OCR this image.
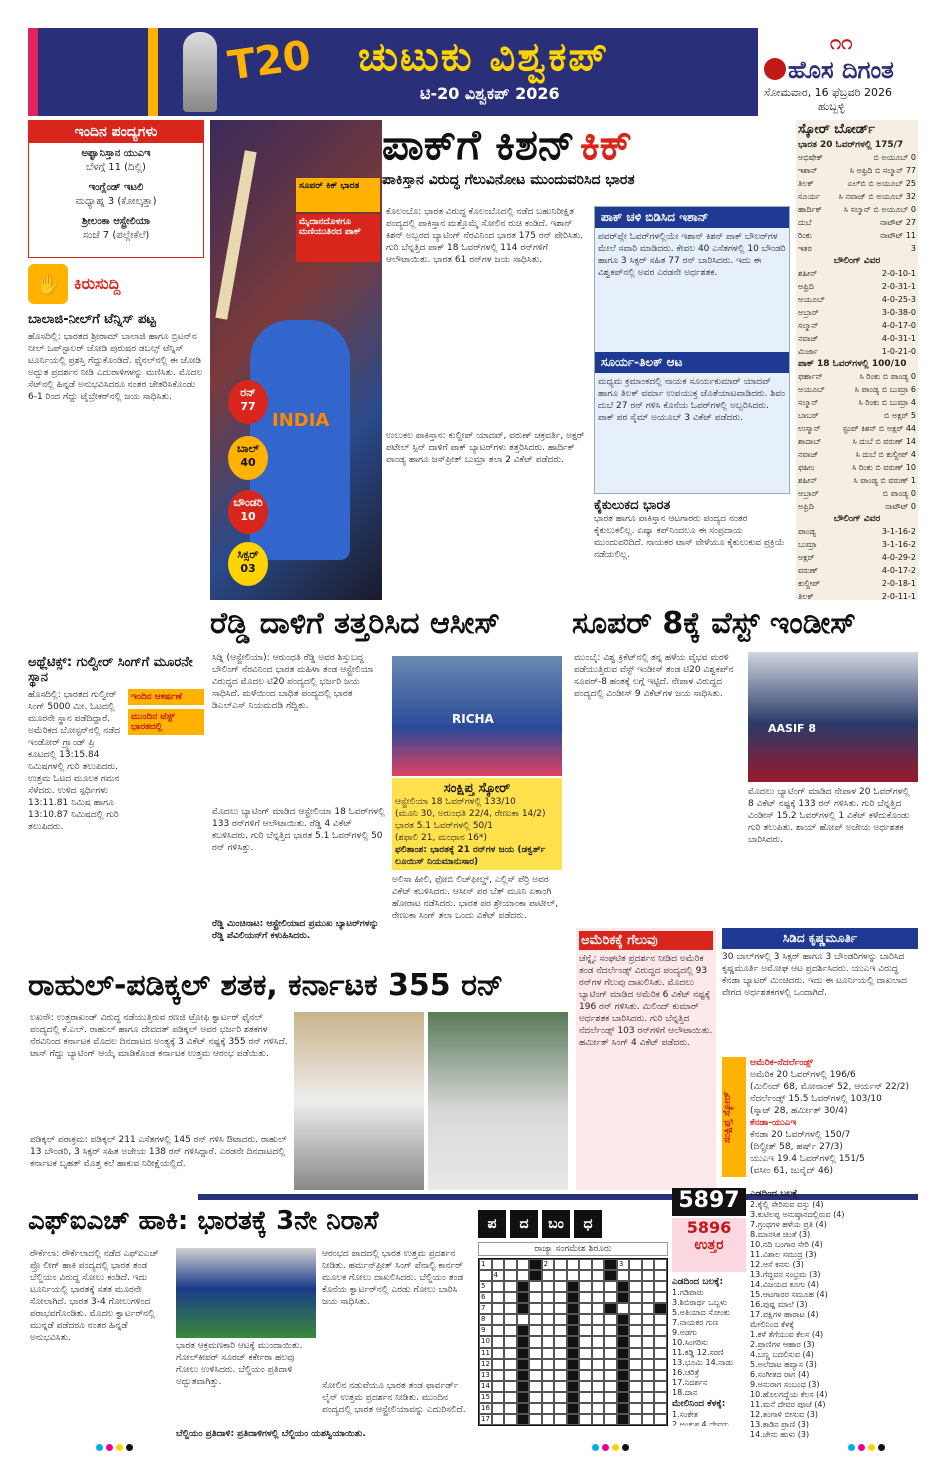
T20 ಚುಟುಕು ವಿಶ್ವಕಪ್
ಟಿ-20 ವಿಶ್ವಕಪ್ 2026
೧೧
ಹೊಸ ದಿಗಂತ
ಸೋಮವಾರ, 16 ಫೆಬ್ರವರಿ 2026
ಹುಬ್ಬಳ್ಳಿ
ಇಂದಿನ ಪಂದ್ಯಗಳು
ಅಫ್ಘಾನಿಸ್ತಾನ ಯುಎಇ
ಬೆಳಗ್ಗೆ 11 (ದಿಲ್ಲಿ)
ಇಂಗ್ಲೆಂಡ್ ಇಟಲಿ
ಮಧ್ಯಾಹ್ನ 3 (ಕೋಲ್ಕತ್ತಾ)
ಶ್ರೀಲಂಕಾ ಆಸ್ಟ್ರೇಲಿಯಾ
ಸಂಜೆ 7 (ಪಲ್ಲೇಕೆಲೆ)
✋ ಕಿರುಸುದ್ದಿ
ಬಾಲಾಜಿ-ನೀಲ್‌ಗೆ ಟೆನ್ನಿಸ್ ಪಟ್ಟ
ಹೊಸದಿಲ್ಲಿ: ಭಾರತದ ಶ್ರೀರಾಮ್ ಬಾಲಾಜಿ ಹಾಗೂ ಬ್ರಿಟನ್‌ನ ನೀಲ್ ಒಪ್‌ಸ್ಟಾಲರ್ ಜೋಡಿ ಪುರುಷರ ಡಬಲ್ಸ್ ಟೆನ್ನಿಸ್ ಟೂರ್ನಿಯಲ್ಲಿ ಪ್ರಶಸ್ತಿ ಗೆದ್ದುಕೊಂಡಿದೆ. ಫೈನಲ್‌ನಲ್ಲಿ ಈ ಜೋಡಿ ಅದ್ಭುತ ಪ್ರದರ್ಶನ ನೀಡಿ ಎದುರಾಳಿಗಳನ್ನು ಮಣಿಸಿತು. ಮೊದಲ ಸೆಟ್‌ನಲ್ಲಿ ಹಿನ್ನಡೆ ಅನುಭವಿಸಿದರೂ ನಂತರ ಚೇತರಿಸಿಕೊಂಡು 6-1 ರಿಂದ ಗೆದ್ದು ಟೈಬ್ರೇಕರ್‌ನಲ್ಲಿ ಜಯ ಸಾಧಿಸಿತು.
ಅಥ್ಲೆಟಿಕ್ಸ್: ಗುಲ್ವೀರ್ ಸಿಂಗ್‌ಗೆ ಮೂರನೇ ಸ್ಥಾನ
ಹೊಸದಿಲ್ಲಿ: ಭಾರತದ ಗುಲ್ವೀರ್ ಸಿಂಗ್ 5000 ಮೀ. ಓಟದಲ್ಲಿ ಮೂರನೇ ಸ್ಥಾನ ಪಡೆದಿದ್ದಾರೆ. ಅಮೆರಿಕದ ಬೋಸ್ಟನ್‌ನಲ್ಲಿ ನಡೆದ ಇಂಡೋರ್ ಗ್ರ್ಯಾಂಡ್ ಪ್ರಿ ಕೂಟದಲ್ಲಿ 13:15.84 ನಿಮಿಷಗಳಲ್ಲಿ ಗುರಿ ತಲುಪಿದರು. ಉತ್ತಮ ಓಟದ ಮೂಲಕ ಗಮನ ಸೆಳೆದರು. ಉಳಿದ ಸ್ಪರ್ಧಿಗಳು 13:11.81 ನಿಮಿಷ ಹಾಗೂ 13:10.87 ನಿಮಿಷದಲ್ಲಿ ಗುರಿ ತಲುಪಿದರು.
ಇಂದಿನ ಆಕರ್ಷಣೆ
ಮುಂದಿನ ಟೆಸ್ಟ್ ಭಾರತದಲ್ಲಿ
INDIA
ಪಾಕ್‌ಗೆ ಕಿಶನ್ ಕಿಕ್
ಪಾಕಿಸ್ತಾನ ವಿರುದ್ಧ ಗೆಲುವಿನೋಟ ಮುಂದುವರಿಸಿದ ಭಾರತ
ಸೂಪರ್ ಕಿಕ್ ಭಾರತ
ಮೈದಾನದೊಳಗೂ ಮಣಿಯುತಿರದ ಪಾಕ್
ರನ್
77
ಬಾಲ್
40
ಬೌಂಡರಿ
10
ಸಿಕ್ಸರ್
03
ಕೊಲಂಬೊ: ಭಾರತ ವಿರುದ್ಧ ಕೊಲಂಬೊದಲ್ಲಿ ನಡೆದ ಬಹುನಿರೀಕ್ಷಿತ ಪಂದ್ಯದಲ್ಲಿ ಪಾಕಿಸ್ತಾನ ಮತ್ತೊಮ್ಮೆ ಸೋಲಿನ ರುಚಿ ಕಂಡಿದೆ. ಇಶಾನ್ ಕಿಶನ್ ಅಬ್ಬರದ ಬ್ಯಾಟಿಂಗ್ ನೆರವಿನಿಂದ ಭಾರತ 175 ರನ್ ಪೇರಿಸಿತು. ಗುರಿ ಬೆನ್ನತ್ತಿದ ಪಾಕ್ 18 ಓವರ್‌ಗಳಲ್ಲಿ 114 ರನ್‌ಗಳಿಗೆ ಆಲೌಟಾಯಿತು. ಭಾರತ 61 ರನ್‌ಗಳ ಜಯ ಸಾಧಿಸಿತು.
ಉಲುಕಲ ಪಾಕಿಸ್ತಾನ: ಕುಲ್ದೀಪ್ ಯಾದವ್, ವರುಣ್ ಚಕ್ರವರ್ತಿ, ಅಕ್ಷರ್ ಪಟೇಲ್ ಸ್ಪಿನ್ ದಾಳಿಗೆ ಪಾಕ್ ಬ್ಯಾಟರ್‌ಗಳು ತತ್ತರಿಸಿದರು. ಹಾರ್ದಿಕ್ ಪಾಂಡ್ಯ ಹಾಗೂ ಜಸ್‌ಪ್ರೀತ್ ಬುಮ್ರಾ ತಲಾ 2 ವಿಕೆಟ್ ಪಡೆದರು.
ಪಾಕ್ ಚಳಿ ಬಿಡಿಸಿದ ಇಶಾನ್
ಪವರ್‌ಪ್ಲೇ ಓವರ್‌ಗಳಲ್ಲಿಯೇ ಇಶಾನ್ ಕಿಶನ್ ಪಾಕ್ ಬೌಲರ್‌ಗಳ ಮೇಲೆ ಸವಾರಿ ಮಾಡಿದರು. ಕೇವಲ 40 ಎಸೆತಗಳಲ್ಲಿ 10 ಬೌಂಡರಿ ಹಾಗೂ 3 ಸಿಕ್ಸರ್ ಸಹಿತ 77 ರನ್ ಬಾರಿಸಿದರು. ಇದು ಈ ವಿಶ್ವಕಪ್‌ನಲ್ಲಿ ಅವರ ಎರಡನೇ ಅರ್ಧಶತಕ.
ಸೂರ್ಯ-ತಿಲಕ್ ಆಟ
ಮಧ್ಯಮ ಕ್ರಮಾಂಕದಲ್ಲಿ ನಾಯಕ ಸೂರ್ಯಕುಮಾರ್ ಯಾದವ್ ಹಾಗೂ ತಿಲಕ್ ವರ್ಮಾ ಉಪಯುಕ್ತ ಜೊತೆಯಾಟವಾಡಿದರು. ಶಿವಂ ದುಬೆ 27 ರನ್ ಗಳಿಸಿ ಕೊನೆಯ ಓವರ್‌ಗಳಲ್ಲಿ ಅಬ್ಬರಿಸಿದರು. ಪಾಕ್ ಪರ ಸೈಮ್ ಅಯೂಬ್ 3 ವಿಕೆಟ್ ಪಡೆದರು.
ಕೈಕುಲುಕದ ಭಾರತ
ಭಾರತ ಹಾಗೂ ಪಾಕಿಸ್ತಾನ ಆಟಗಾರರು ಪಂದ್ಯದ ನಂತರ ಕೈಕುಲುಕಲಿಲ್ಲ. ಏಷ್ಯಾ ಕಪ್‌ನಿಂದಲೂ ಈ ಸಂಪ್ರದಾಯ ಮುಂದುವರಿದಿದೆ. ನಾಯಕರ ಟಾಸ್ ವೇಳೆಯೂ ಕೈಕುಲುಕುವ ಪ್ರಕ್ರಿಯೆ ನಡೆಯಲಿಲ್ಲ.
ಸ್ಕೋರ್ ಬೋರ್ಡ್
ಭಾರತ 20 ಓವರ್‌ಗಳಲ್ಲಿ 175/7
ಅಭಿಷೇಕ್	ಬಿ ಅಯೂಬ್ 0
ಇಶಾನ್	ಸಿ ಅಫ್ರಿದಿ ಬಿ ಸಲ್ಮಾನ್ 77
ತಿಲಕ್	ಎಲ್‌ಬಿ ಬಿ ಅಯೂಬ್ 25
ಸೂರ್ಯ ಸಿ ನವಾಜ್ ಬಿ ಅಯೂಬ್ 32
ಹಾರ್ದಿಕ್	ಸಿ ಸಲ್ಮಾನ್ ಬಿ ಅಯೂಬ್ 0
ದುಬೆ	ನಾಟೌಟ್ 27
ರಿಂಕು	ನಾಟೌಟ್ 11
ಇತರ	3
ಬೌಲಿಂಗ್ ವಿವರ
ಶಹೀನ್	2-0-10-1
ಅಫ್ರಿದಿ	2-0-31-1
ಅಯೂಬ್	4-0-25-3
ಅಬ್ರಾರ್	3-0-38-0
ಸಲ್ಮಾನ್	4-0-17-0
ನವಾಜ್	4-0-31-1
ಮಿರ್ಜಾ	1-0-21-0
ಪಾಕ್ 18 ಓವರ್‌ಗಳಲ್ಲಿ 100/10
ಫರ್ಹಾನ್	ಸಿ ರಿಂಕು ಬಿ ಪಾಂಡ್ಯ 0
ಅಯೂಬ್	ಸಿ ಪಾಂಡ್ಯ ಬಿ ಬುಮ್ರಾ 6
ಸಲ್ಮಾನ್	ಸಿ ರಿಂಕು ಬಿ ಬುಮ್ರಾ 4
ಬಾಬರ್	ಬಿ ಅಕ್ಷರ್ 5
ಉಸ್ಮಾನ್	ಸ್ಟಂಪ್ ಕಿಶನ್ ಬಿ ಅಕ್ಷರ್ 44
ಶಾದಾಬ್	ಸಿ ದುಬೆ ಬಿ ವರುಣ್ 14
ನವಾಜ್	ಸಿ ದುಬೆ ಬಿ ಕುಲ್ದೀಪ್ 4
ಫಹೀಂ	ಸಿ ರಿಂಕು ಬಿ ವರುಣ್ 10
ಶಹೀನ್	ಸಿ ಪಾಂಡ್ಯ ಬಿ ವರುಣ್ 1
ಅಬ್ರಾರ್	ಬಿ ಪಾಂಡ್ಯ 0
ಅಫ್ರಿದಿ	ನಾಟೌಟ್ 0
ಬೌಲಿಂಗ್ ವಿವರ
ಪಾಂಡ್ಯ	3-1-16-2
ಬುಮ್ರಾ	3-1-16-2
ಅಕ್ಷರ್	4-0-29-2
ವರುಣ್	4-0-17-2
ಕುಲ್ದೀಪ್	2-0-18-1
ತಿಲಕ್	2-0-11-1
ರೆಡ್ಡಿ ದಾಳಿಗೆ ತತ್ತರಿಸಿದ ಆಸೀಸ್
ಸಿಡ್ನಿ (ಆಸ್ಟ್ರೇಲಿಯಾ): ಆರುಂಧತಿ ರೆಡ್ಡಿ ಅವರ ಶಿಸ್ತುಬದ್ಧ ಬೌಲಿಂಗ್ ನೆರವಿನಿಂದ ಭಾರತ ಮಹಿಳಾ ತಂಡ ಆಸ್ಟ್ರೇಲಿಯಾ ವಿರುದ್ಧದ ಮೊದಲ ಟಿ20 ಪಂದ್ಯದಲ್ಲಿ ಭರ್ಜರಿ ಜಯ ಸಾಧಿಸಿದೆ. ಮಳೆಯಿಂದ ಬಾಧಿತ ಪಂದ್ಯದಲ್ಲಿ ಭಾರತ ಡಿಎಲ್‌ಎಸ್ ನಿಯಮದಡಿ ಗೆದ್ದಿತು.
ಮೊದಲು ಬ್ಯಾಟಿಂಗ್ ಮಾಡಿದ ಆಸ್ಟ್ರೇಲಿಯಾ 18 ಓವರ್‌ಗಳಲ್ಲಿ 133 ರನ್‌ಗಳಿಗೆ ಆಲೌಟಾಯಿತು. ರೆಡ್ಡಿ 4 ವಿಕೆಟ್ ಕಬಳಿಸಿದರು. ಗುರಿ ಬೆನ್ನತ್ತಿದ ಭಾರತ 5.1 ಓವರ್‌ಗಳಲ್ಲಿ 50 ರನ್ ಗಳಿಸಿತ್ತು.
ರೆಡ್ಡಿ ಮಿಂಚಿನಾಟ: ಆಸ್ಟ್ರೇಲಿಯಾದ ಪ್ರಮುಖ ಬ್ಯಾಟರ್‌ಗಳನ್ನು ರೆಡ್ಡಿ ಪೆವಿಲಿಯನ್‌ಗೆ ಕಳುಹಿಸಿದರು.
RICHA
ಸಂಕ್ಷಿಪ್ತ ಸ್ಕೋರ್
ಆಸ್ಟ್ರೇಲಿಯಾ 18 ಓವರ್‌ಗಳಲ್ಲಿ 133/10
(ಮೂನಿ 30, ಅರುಂಧತಿ 22/4, ರೇಣುಕಾ 14/2)
ಭಾರತ 5.1 ಓವರ್‌ಗಳಲ್ಲಿ 50/1
(ಶಫಾಲಿ 21, ಮಂಧಾನ 16*)
ಫಲಿತಾಂಶ: ಭಾರತಕ್ಕೆ 21 ರನ್‌ಗಳ ಜಯ (ಡಕ್ವರ್ತ್ ಲೂಯಿಸ್ ನಿಯಮಾನುಸಾರ)
ಅಲಿಸಾ ಹೀಲಿ, ಫೋಬಿ ಲಿಚ್‌ಫೀಲ್ಡ್, ಎಲ್ಲಿಸ್ ಪೆರ್ರಿ ಅವರ ವಿಕೆಟ್ ಕಬಳಿಸಿದರು. ಆಸೀಸ್ ಪರ ಬೆತ್ ಮೂನಿ ಏಕಾಂಗಿ ಹೋರಾಟ ನಡೆಸಿದರು. ಭಾರತ ಪರ ಶ್ರೇಯಾಂಕಾ ಪಾಟೀಲ್, ರೇಣುಕಾ ಸಿಂಗ್ ತಲಾ ಒಂದು ವಿಕೆಟ್ ಪಡೆದರು.
ಸೂಪರ್ 8ಕ್ಕೆ ವೆಸ್ಟ್ ಇಂಡೀಸ್
ಮುಂಬೈ: ವಿಶ್ವ ಕ್ರಿಕೆಟ್‌ನಲ್ಲಿ ತನ್ನ ಹಳೆಯ ವೈಭವ ಮರಳಿ ಪಡೆಯುತ್ತಿರುವ ವೆಸ್ಟ್ ಇಂಡೀಸ್ ತಂಡ ಟಿ20 ವಿಶ್ವಕಪ್‌ನ ಸೂಪರ್-8 ಹಂತಕ್ಕೆ ಲಗ್ಗೆ ಇಟ್ಟಿದೆ. ನೇಪಾಳ ವಿರುದ್ಧದ ಪಂದ್ಯದಲ್ಲಿ ವಿಂಡೀಸ್ 9 ವಿಕೆಟ್‌ಗಳ ಜಯ ಸಾಧಿಸಿತು.
AASIF 8
ಮೊದಲು ಬ್ಯಾಟಿಂಗ್ ಮಾಡಿದ ನೇಪಾಳ 20 ಓವರ್‌ಗಳಲ್ಲಿ 8 ವಿಕೆಟ್ ನಷ್ಟಕ್ಕೆ 133 ರನ್ ಗಳಿಸಿತು. ಗುರಿ ಬೆನ್ನತ್ತಿದ ವಿಂಡೀಸ್ 15.2 ಓವರ್‌ಗಳಲ್ಲಿ 1 ವಿಕೆಟ್ ಕಳೆದುಕೊಂಡು ಗುರಿ ತಲುಪಿತು. ಶಾಯ್ ಹೋಪ್ ಅಜೇಯ ಅರ್ಧಶತಕ ಬಾರಿಸಿದರು.
ಅಮೆರಿಕಕ್ಕೆ ಗೆಲುವು
ಚೆನ್ನೈ: ಸಂಘಟಿತ ಪ್ರದರ್ಶನ ನೀಡಿದ ಅಮೆರಿಕ ತಂಡ ನೆದರ್ಲೆಂಡ್ಸ್ ವಿರುದ್ಧದ ಪಂದ್ಯದಲ್ಲಿ 93 ರನ್‌ಗಳ ಗೆಲುವು ದಾಖಲಿಸಿತು. ಮೊದಲು ಬ್ಯಾಟಿಂಗ್ ಮಾಡಿದ ಅಮೆರಿಕ 6 ವಿಕೆಟ್ ನಷ್ಟಕ್ಕೆ 196 ರನ್ ಗಳಿಸಿತು. ಮಿಲಿಂದ್ ಕುಮಾರ್ ಅರ್ಧಶತಕ ಬಾರಿಸಿದರು. ಗುರಿ ಬೆನ್ನತ್ತಿದ ನೆದರ್ಲೆಂಡ್ಸ್ 103 ರನ್‌ಗಳಿಗೆ ಆಲೌಟಾಯಿತು. ಹರ್ಮೀತ್ ಸಿಂಗ್ 4 ವಿಕೆಟ್ ಪಡೆದರು.
ಸಿಡಿದ ಕೃಷ್ಣಮೂರ್ತಿ
30 ಬಾಲ್‌ಗಳಲ್ಲಿ 3 ಸಿಕ್ಸರ್ ಹಾಗೂ 3 ಬೌಂಡರಿಗಳನ್ನು ಬಾರಿಸಿದ ಕೃಷ್ಣಮೂರ್ತಿ ಅಮೋಘ ಆಟ ಪ್ರದರ್ಶಿಸಿದರು. ಯುಎಇ ವಿರುದ್ಧ ಕೆನಡಾ ಬ್ಯಾಟರ್ ಮಿಂಚಿದರು. ಇದು ಈ ಟೂರ್ನಿಯಲ್ಲಿ ದಾಖಲಾದ ವೇಗದ ಅರ್ಧಶತಕಗಳಲ್ಲಿ ಒಂದಾಗಿದೆ.
ಸಂಕ್ಷಿಪ್ತ ಸ್ಕೋರ್
ಆಮೆರಿಕ-ನೆದರ್ಲೆಂಡ್ಸ್
ಅಮೆರಿಕ 20 ಓವರ್‌ಗಳಲ್ಲಿ 196/6
(ಮಿಲಿಂದ್ 68, ಮೋನಾಂಕ್ 52, ಆರ್ಯನ್ 22/2)
ನೆದರ್ಲೆಂಡ್ಸ್ 15.5 ಓವರ್‌ಗಳಲ್ಲಿ 103/10
(ಸ್ಕಾಟ್ 28, ಹರ್ಮೀತ್ 30/4)
ಕೆನಡಾ-ಯುಎಇ
ಕೆನಡಾ 20 ಓವರ್‌ಗಳಲ್ಲಿ 150/7
(ದಿಲ್ಪ್ರೀತ್ 58, ಹರ್ಷ್ 27/3)
ಯುಎಇ 19.4 ಓವರ್‌ಗಳಲ್ಲಿ 151/5
(ವಸೀಂ 61, ಜುನೈದ್ 46)
ರಾಹುಲ್-ಪಡಿಕ್ಕಲ್ ಶತಕ, ಕರ್ನಾಟಕ 355 ರನ್
ಲಖನೌ: ಉತ್ತರಾಖಂಡ್ ವಿರುದ್ಧ ನಡೆಯುತ್ತಿರುವ ರಣಜಿ ಟ್ರೋಫಿ ಕ್ವಾರ್ಟರ್ ಫೈನಲ್ ಪಂದ್ಯದಲ್ಲಿ ಕೆ.ಎಲ್. ರಾಹುಲ್ ಹಾಗೂ ದೇವದತ್ ಪಡಿಕ್ಕಲ್ ಅವರ ಭರ್ಜರಿ ಶತಕಗಳ ನೆರವಿನಿಂದ ಕರ್ನಾಟಕ ಮೊದಲ ದಿನದಾಟದ ಅಂತ್ಯಕ್ಕೆ 3 ವಿಕೆಟ್ ನಷ್ಟಕ್ಕೆ 355 ರನ್ ಗಳಿಸಿದೆ. ಟಾಸ್ ಗೆದ್ದು ಬ್ಯಾಟಿಂಗ್ ಆಯ್ಕೆ ಮಾಡಿಕೊಂಡ ಕರ್ನಾಟಕ ಉತ್ತಮ ಆರಂಭ ಪಡೆಯಿತು.
ಪಡಿಕ್ಕಲ್ ಪರಾಕ್ರಮ: ಪಡಿಕ್ಕಲ್ 211 ಎಸೆತಗಳಲ್ಲಿ 145 ರನ್ ಗಳಿಸಿ ಔಟಾದರು. ರಾಹುಲ್ 13 ಬೌಂಡರಿ, 3 ಸಿಕ್ಸರ್ ಸಹಿತ ಅಜೇಯ 138 ರನ್ ಗಳಿಸಿದ್ದಾರೆ. ಎರಡನೇ ದಿನದಾಟದಲ್ಲಿ ಕರ್ನಾಟಕ ಬೃಹತ್ ಮೊತ್ತ ಕಲೆ ಹಾಕುವ ನಿರೀಕ್ಷೆಯಲ್ಲಿದೆ.
ಎಫ್‌ಐಎಚ್ ಹಾಕಿ: ಭಾರತಕ್ಕೆ 3ನೇ ನಿರಾಸೆ
ರೌರ್ಕೆಲಾ: ರೌರ್ಕೆಲಾದಲ್ಲಿ ನಡೆದ ಎಫ್‌ಐಎಚ್ ಪ್ರೊ ಲೀಗ್ ಹಾಕಿ ಪಂದ್ಯದಲ್ಲಿ ಭಾರತ ತಂಡ ಬೆಲ್ಜಿಯಂ ವಿರುದ್ಧ ಸೋಲು ಕಂಡಿದೆ. ಇದು ಟೂರ್ನಿಯಲ್ಲಿ ಭಾರತಕ್ಕೆ ಸತತ ಮೂರನೇ ಸೋಲಾಗಿದೆ. ಭಾರತ 3-4 ಗೋಲುಗಳಿಂದ ಪರಾಭವಗೊಂಡಿತು. ಮೊದಲ ಕ್ವಾರ್ಟರ್‌ನಲ್ಲಿ ಮುನ್ನಡೆ ಪಡೆದರೂ ನಂತರ ಹಿನ್ನಡೆ ಅನುಭವಿಸಿತು.
ಭಾರತ ಆಕ್ರಮಣಕಾರಿ ಆಟಕ್ಕೆ ಮುಂದಾಯಿತು. ಗೋಲ್‌ಕೀಪರ್ ಸೂರಜ್ ಕರ್ಕೇರಾ ಹಲವು ಗೋಲು ಉಳಿಸಿದರು. ಬೆಲ್ಜಿಯಂ ಪ್ರತಿದಾಳಿ ಅದ್ಭುತವಾಗಿತ್ತು.
ಆರಂಭದ ಪಾದದಲ್ಲಿ ಭಾರತ ಉತ್ತಮ ಪ್ರದರ್ಶನ ನೀಡಿತು. ಹರ್ಮನ್‌ಪ್ರೀತ್ ಸಿಂಗ್ ಪೆನಾಲ್ಟಿ ಕಾರ್ನರ್ ಮೂಲಕ ಗೋಲು ದಾಖಲಿಸಿದರು. ಬೆಲ್ಜಿಯಂ ತಂಡ ಕೊನೆಯ ಕ್ವಾರ್ಟರ್‌ನಲ್ಲಿ ಎರಡು ಗೋಲು ಬಾರಿಸಿ ಜಯ ಸಾಧಿಸಿತು.
ಸೋಲಿನ ನಡುವೆಯೂ ಭಾರತ ತಂಡ ಫಾರ್ವರ್ಡ್ ಲೈನ್ ಉತ್ತಮ ಪ್ರದರ್ಶನ ನೀಡಿತು. ಮುಂದಿನ ಪಂದ್ಯದಲ್ಲಿ ಭಾರತ ಆಸ್ಟ್ರೇಲಿಯಾವನ್ನು ಎದುರಿಸಲಿದೆ.
ಬೆಲ್ಜಿಯಂ ಪ್ರತಿದಾಳಿ: ಪ್ರತಿದಾಳಿಗಳಲ್ಲಿ ಬೆಲ್ಜಿಯಂ ಯಶಸ್ವಿಯಾಯಿತು.
ಪ	ದ	ಬಂ	ಧ
5897
5896
ಉತ್ತರ
ರಾಜ್ಯಾ ಸಂಗಮೇಶ ಶಿರೂರು
1	2	3
4
5
6
7
8
9
10
11
12
13
14
15
16
17
ಎಡದಿಂದ ಬಲಕ್ಕೆ:
1.ಗಡಿಪಾರು
3.ಶಿಬಿರಾರ್ಥ ಒಬ್ಬಳು
5.ಅತಿಯಾದ ಸೋಂಕು
7.ನಾಯಕರ ಗುಣ
9.ಅಡಗು
10.ಸಿಂಗರಿಸು
11.ಕಡ್ಡಿ 12.ಸರಣಿ
13.ಭೂಮಿ 14.ನಾಡು
16.ಚರಿತ್ರೆ
17.ನಿದರ್ಶನ
18.ದಾನ
ಮೇಲಿನಿಂದ ಕೆಳಕ್ಕೆ:
1.ಸಂಕೇತ
2.ಅಂಕುಶ 4.ದೇವರು
ಎಡದಿಂದ ಬಲಕ್ಕೆ
2.ಕೈಲ್ಲಿ ಸೇರಿಸುವ ವಸ್ತು (4)
3.ಕುಟಿಲಪ್ಪ ಅನುಷ್ಠಾನದಲ್ಲಿರುವ (4)
7.ಗ್ರಂಥಗಳ ಹಳೆಯ ಪ್ರತಿ (4)
8.ಮಾನಸಿಕ ಚಿಂತೆ (3)
10.ನದಿ ಬಂಗಾರ ಸೇರಿ (4)
11.ವಿಶಾಲ ಸಮುದ್ರ (3)
12.ಆಸೆ ಕನಸು (3)
13.ಗೆದ್ದವನ ಸಂಭ್ರಮ (3)
14.ವಿಜಯದ ಕೂಗು (4)
15.ಆಟಗಾರರ ಸಮೂಹ (4)
16.ಪುಷ್ಪ ಮಾಲೆ (3)
17.ಪಕ್ಷಿಗಳ ಹಾರಾಟ (4)
ಮೇಲಿನಿಂದ ಕೆಳಕ್ಕೆ
1.ಕಳೆ ತೆಗೆಯುವ ಕೆಲಸ (4)
2.ಪ್ರಾಣಿಗಳ ಆಹಾರ (3)
4.ಬಣ್ಣ ಬದಲಿಸುವ (4)
5.ಅಲೆದಾಟ ಹವ್ಯಾಸ (3)
6.ಸಂಗೀತದ ರಾಗ (4)
9.ಅನುರಾಗ ಸಂಬಂಧ (3)
10.ಹೊಲಗದ್ದೆಯ ಕೆಲಸ (4)
11.ಮನೆ ದೇವರ ಪೂಜೆ (4)
12.ತಂಗಾಳಿ ಬೀಸುವ (3)
13.ಕಾಡಿನ ಪ್ರಾಣಿ (3)
14.ಜೇನು ಹುಳು (3)
